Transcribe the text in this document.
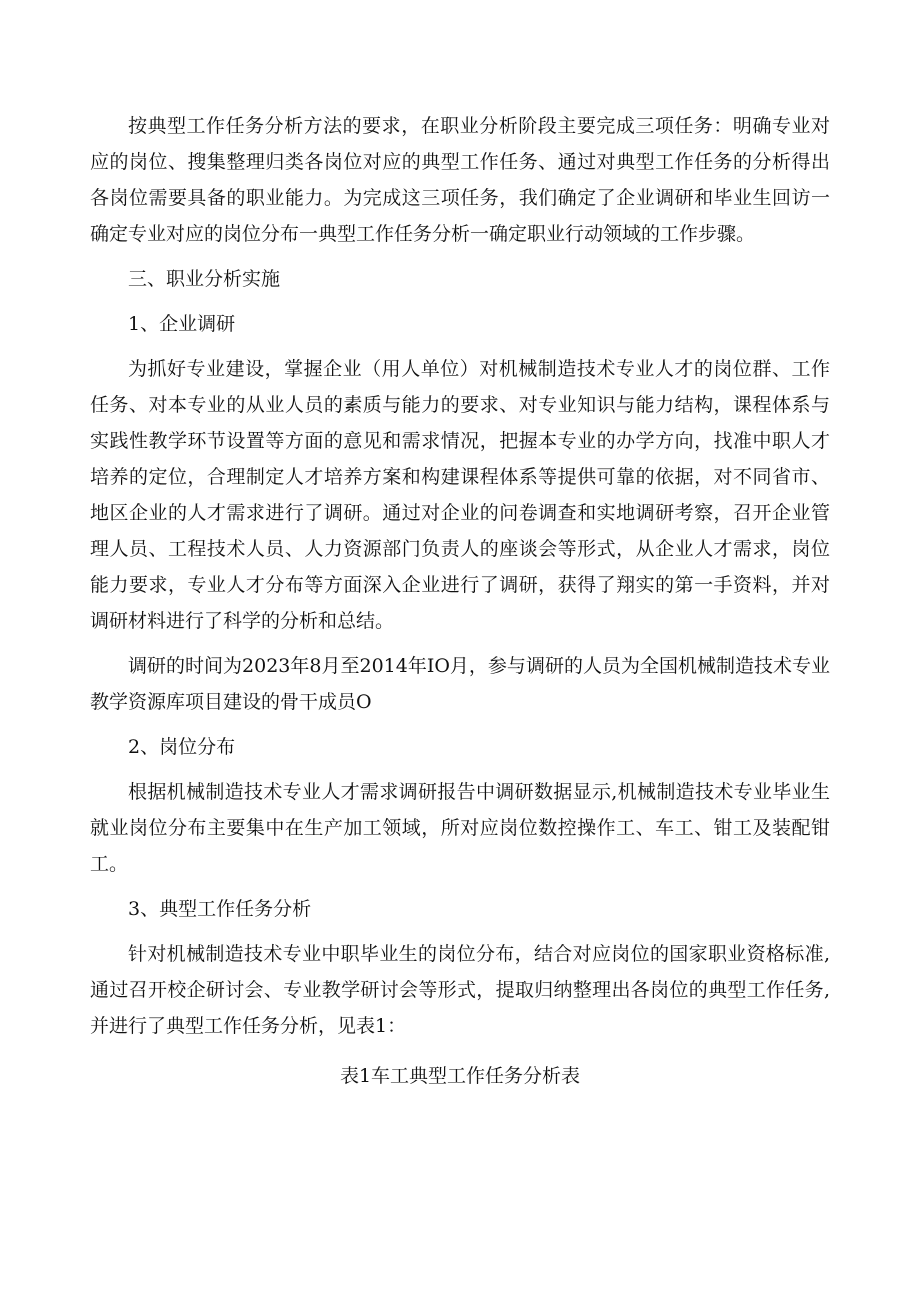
按典型工作任务分析方法的要求，在职业分析阶段主要完成三项任务：明确专业对应的岗位、搜集整理归类各岗位对应的典型工作任务、通过对典型工作任务的分析得出各岗位需要具备的职业能力。为完成这三项任务，我们确定了企业调研和毕业生回访一确定专业对应的岗位分布一典型工作任务分析一确定职业行动领域的工作步骤。

三、职业分析实施

1、企业调研

为抓好专业建设，掌握企业（用人单位）对机械制造技术专业人才的岗位群、工作任务、对本专业的从业人员的素质与能力的要求、对专业知识与能力结构，课程体系与实践性教学环节设置等方面的意见和需求情况，把握本专业的办学方向，找准中职人才培养的定位，合理制定人才培养方案和构建课程体系等提供可靠的依据，对不同省市、地区企业的人才需求进行了调研。通过对企业的问卷调查和实地调研考察，召开企业管理人员、工程技术人员、人力资源部门负责人的座谈会等形式，从企业人才需求，岗位能力要求，专业人才分布等方面深入企业进行了调研，获得了翔实的第一手资料，并对调研材料进行了科学的分析和总结。

调研的时间为2023年8月至2014年IO月，参与调研的人员为全国机械制造技术专业教学资源库项目建设的骨干成员O

2、岗位分布

根据机械制造技术专业人才需求调研报告中调研数据显示,机械制造技术专业毕业生就业岗位分布主要集中在生产加工领域，所对应岗位数控操作工、车工、钳工及装配钳工。

3、典型工作任务分析

针对机械制造技术专业中职毕业生的岗位分布，结合对应岗位的国家职业资格标准,通过召开校企研讨会、专业教学研讨会等形式，提取归纳整理出各岗位的典型工作任务,并进行了典型工作任务分析，见表1：

表1车工典型工作任务分析表
